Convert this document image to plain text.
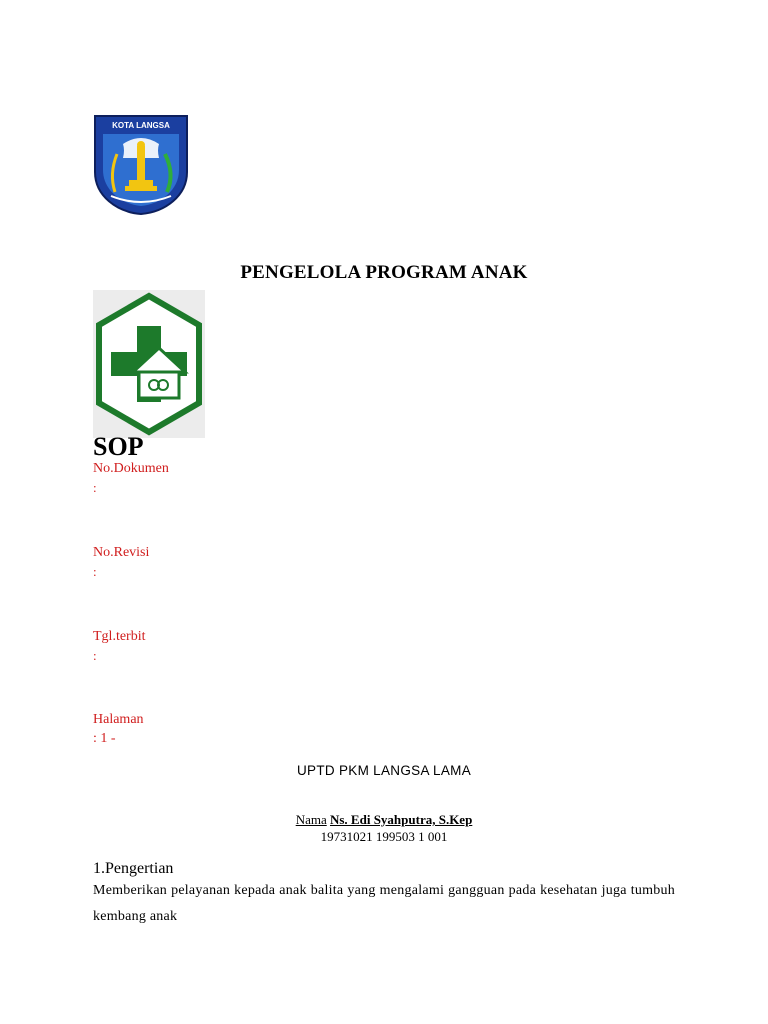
KOTA LANGSA
PENGELOLA PROGRAM ANAK
SOP
No.Dokumen
:
No.Revisi
:
Tgl.terbit
:
Halaman
: 1 -
UPTD PKM LANGSA LAMA
Nama Ns. Edi Syahputra, S.Kep
19731021 199503 1 001
1.Pengertian
Memberikan pelayanan kepada anak balita yang mengalami gangguan pada kesehatan juga tumbuh kembang anak
